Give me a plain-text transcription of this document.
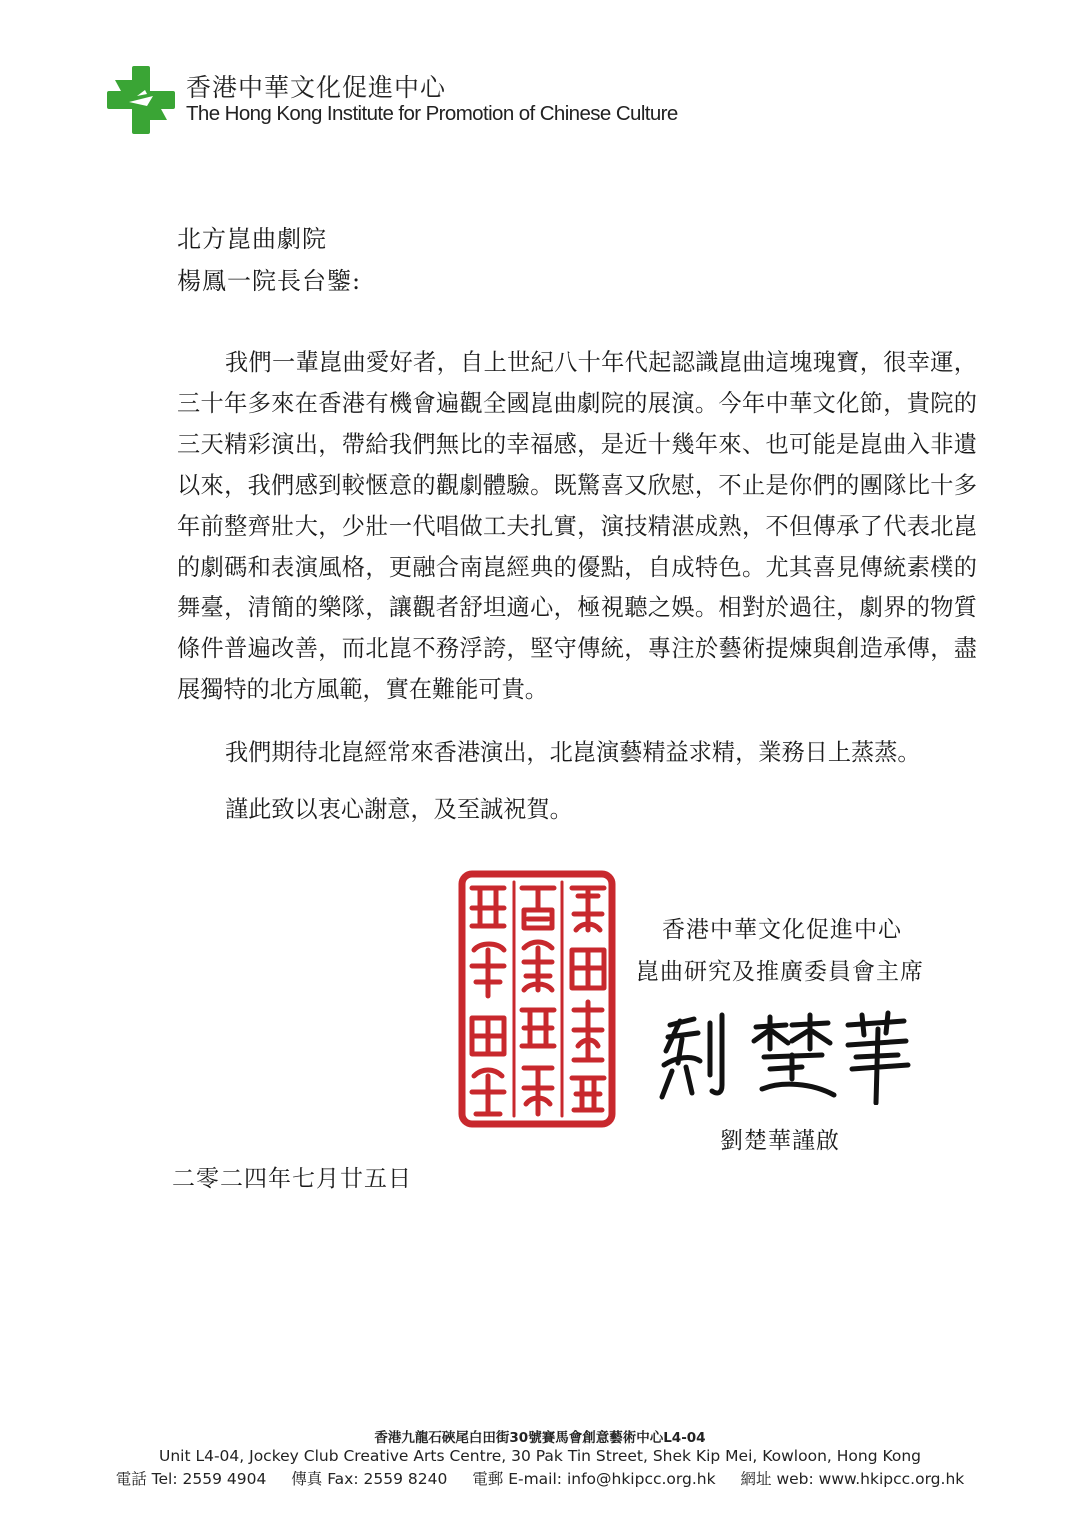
香港中華文化促進中心
The Hong Kong Institute for Promotion of Chinese Culture
北方崑曲劇院
楊鳳一院長台鑒:
我們一輩崑曲愛好者，自上世紀八十年代起認識崑曲這塊瑰寶，很幸運，三十年多來在香港有機會遍觀全國崑曲劇院的展演。今年中華文化節，貴院的三天精彩演出，帶給我們無比的幸福感，是近十幾年來、也可能是崑曲入非遺以來，我們感到較愜意的觀劇體驗。既驚喜又欣慰，不止是你們的團隊比十多年前整齊壯大，少壯一代唱做工夫扎實，演技精湛成熟，不但傳承了代表北崑的劇碼和表演風格，更融合南崑經典的優點，自成特色。尤其喜見傳統素樸的舞臺，清簡的樂隊，讓觀者舒坦適心，極視聽之娛。相對於過往，劇界的物質條件普遍改善，而北崑不務浮誇，堅守傳統，專注於藝術提煉與創造承傳，盡展獨特的北方風範，實在難能可貴。
我們期待北崑經常來香港演出，北崑演藝精益求精，業務日上蒸蒸。
謹此致以衷心謝意，及至誠祝賀。
香港中華文化促進中心
崑曲研究及推廣委員會主席
劉楚華謹啟
二零二四年七月廿五日
香港九龍石硤尾白田街30號賽馬會創意藝術中心L4-04
Unit L4-04, Jockey Club Creative Arts Centre, 30 Pak Tin Street, Shek Kip Mei, Kowloon, Hong Kong
電話 Tel: 2559 4904 傳真 Fax: 2559 8240 電郵 E-mail: info@hkipcc.org.hk 網址 web: www.hkipcc.org.hk
